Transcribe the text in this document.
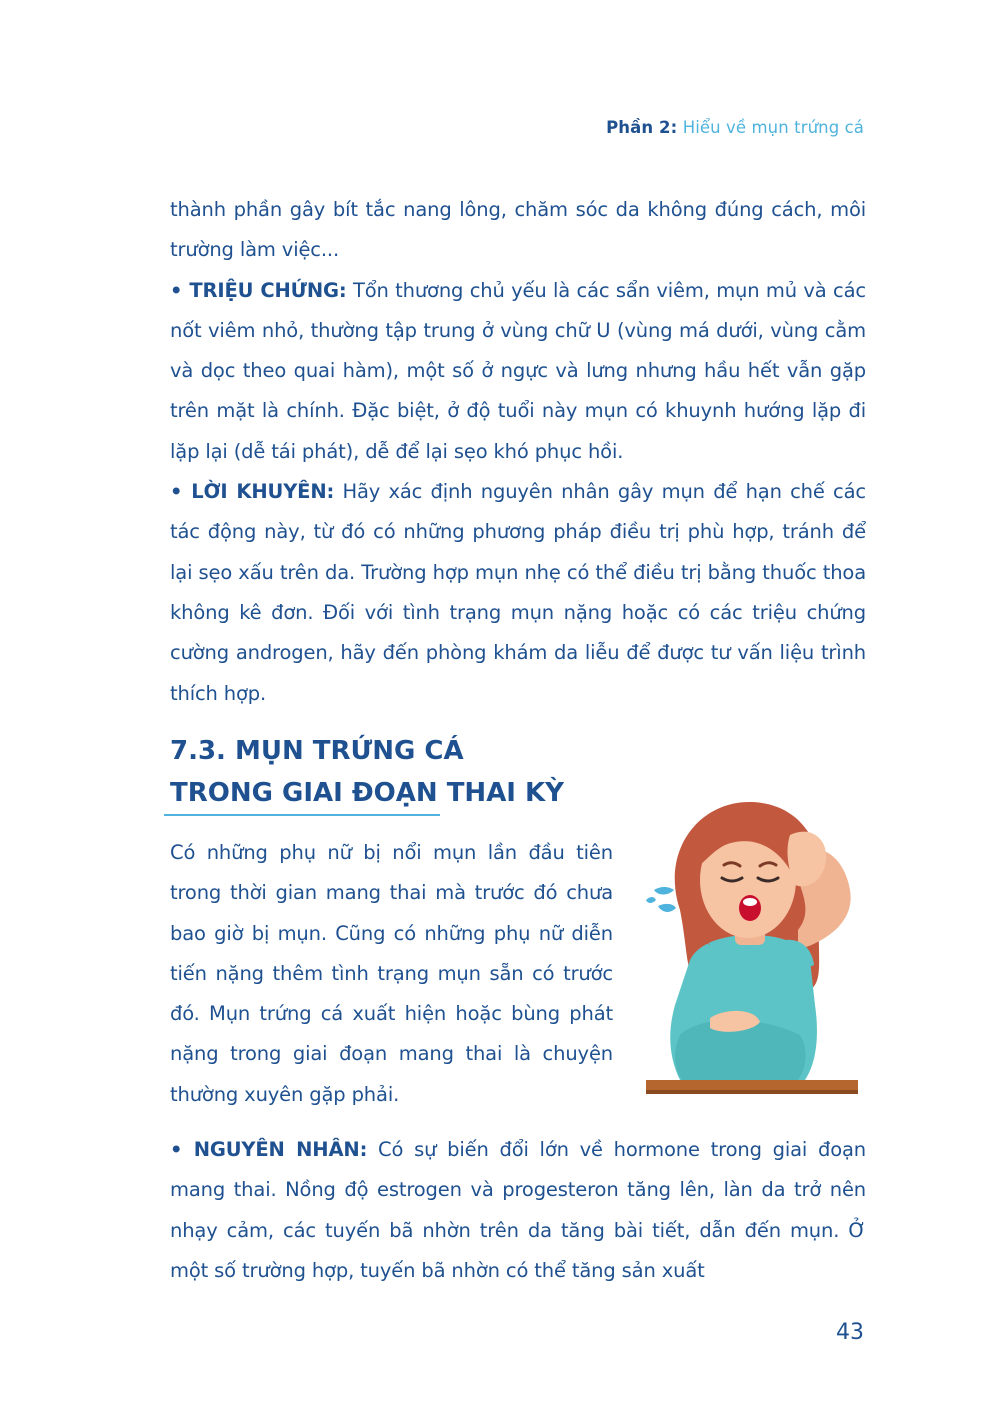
Phần 2: Hiểu về mụn trứng cá

thành phần gây bít tắc nang lông, chăm sóc da không đúng cách, môi trường làm việc...

• TRIỆU CHỨNG: Tổn thương chủ yếu là các sẩn viêm, mụn mủ và các nốt viêm nhỏ, thường tập trung ở vùng chữ U (vùng má dưới, vùng cằm và dọc theo quai hàm), một số ở ngực và lưng nhưng hầu hết vẫn gặp trên mặt là chính. Đặc biệt, ở độ tuổi này mụn có khuynh hướng lặp đi lặp lại (dễ tái phát), dễ để lại sẹo khó phục hồi.

• LỜI KHUYÊN: Hãy xác định nguyên nhân gây mụn để hạn chế các tác động này, từ đó có những phương pháp điều trị phù hợp, tránh để lại sẹo xấu trên da. Trường hợp mụn nhẹ có thể điều trị bằng thuốc thoa không kê đơn. Đối với tình trạng mụn nặng hoặc có các triệu chứng cường androgen, hãy đến phòng khám da liễu để được tư vấn liệu trình thích hợp.

7.3. MỤN TRỨNG CÁ
TRONG GIAI ĐOẠN THAI KỲ

Có những phụ nữ bị nổi mụn lần đầu tiên trong thời gian mang thai mà trước đó chưa bao giờ bị mụn. Cũng có những phụ nữ diễn tiến nặng thêm tình trạng mụn sẵn có trước đó. Mụn trứng cá xuất hiện hoặc bùng phát nặng trong giai đoạn mang thai là chuyện thường xuyên gặp phải.

• NGUYÊN NHÂN: Có sự biến đổi lớn về hormone trong giai đoạn mang thai. Nồng độ estrogen và progesteron tăng lên, làn da trở nên nhạy cảm, các tuyến bã nhờn trên da tăng bài tiết, dẫn đến mụn. Ở một số trường hợp, tuyến bã nhờn có thể tăng sản xuất

43
